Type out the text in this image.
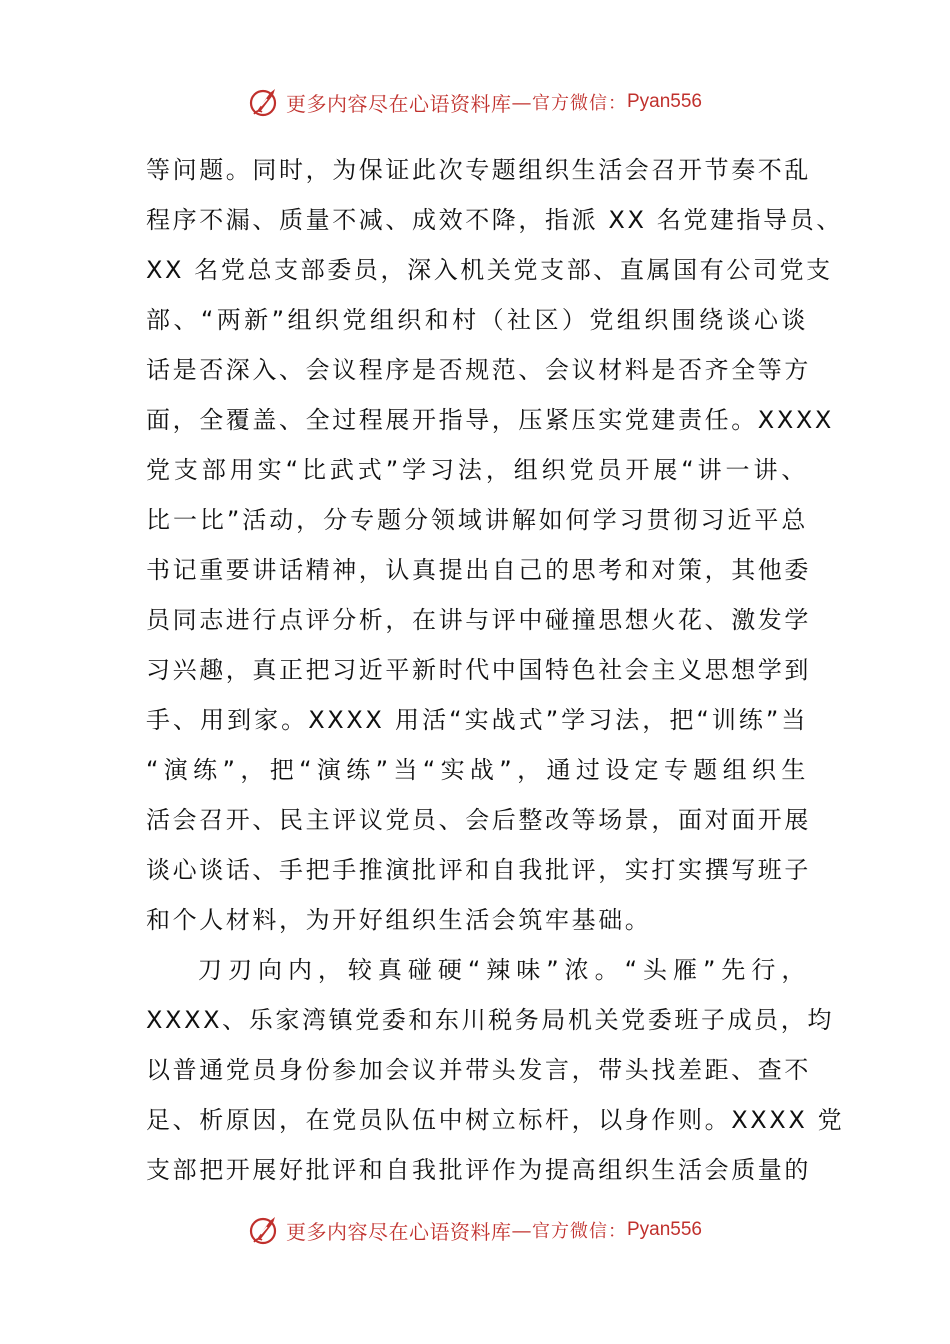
更多内容尽在心语资料库 — 官方微信： Pyan556
等问题。同时，为保证此次专题组织生活会召开节奏不乱
程序不漏、质量不减、成效不降，指派 XX 名党建指导员、
XX 名党总支部委员，深入机关党支部、直属国有公司党支
部、“两新”组织党组织和村（社区）党组织围绕谈心谈
话是否深入、会议程序是否规范、会议材料是否齐全等方
面，全覆盖、全过程展开指导，压紧压实党建责任。XXXX
党支部用实“比武式”学习法，组织党员开展“讲一讲、
比一比”活动，分专题分领域讲解如何学习贯彻习近平总
书记重要讲话精神，认真提出自己的思考和对策，其他委
员同志进行点评分析，在讲与评中碰撞思想火花、激发学
习兴趣，真正把习近平新时代中国特色社会主义思想学到
手、用到家。XXXX 用活“实战式”学习法，把“训练”当
“演练”，把“演练”当“实战”，通过设定专题组织生
活会召开、民主评议党员、会后整改等场景，面对面开展
谈心谈话、手把手推演批评和自我批评，实打实撰写班子
和个人材料，为开好组织生活会筑牢基础。
刀刃向内，较真碰硬“辣味”浓。“头雁”先行，
XXXX、乐家湾镇党委和东川税务局机关党委班子成员，均
以普通党员身份参加会议并带头发言，带头找差距、查不
足、析原因，在党员队伍中树立标杆，以身作则。XXXX 党
支部把开展好批评和自我批评作为提高组织生活会质量的
更多内容尽在心语资料库 — 官方微信： Pyan556
